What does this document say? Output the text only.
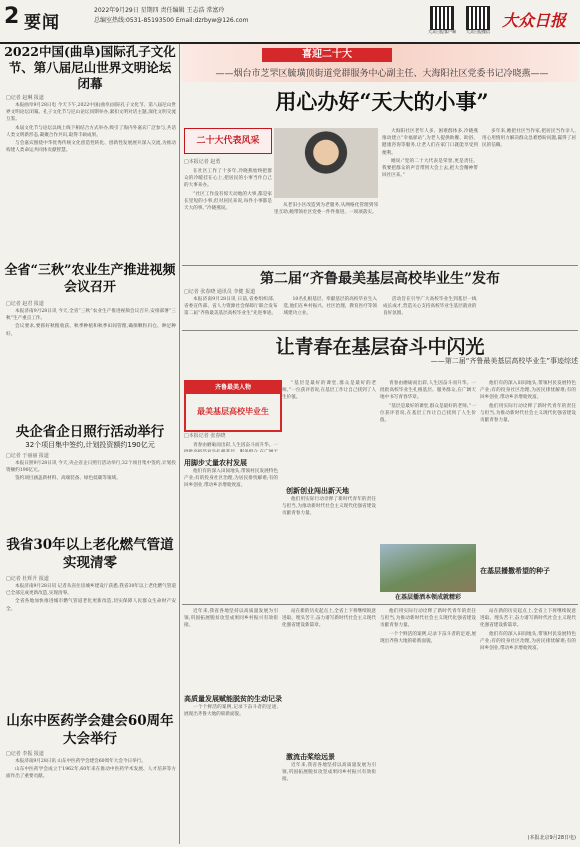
2 要闻
2022年9月29日 星期四 责任编辑 王志浩 常富玲
总编室热线:0531-85193500 Email:dzrbyw@126.com
大众日报客户端	大众日报微信
大众日报
2022中国(曲阜)国际孔子文化节、第八届尼山世界文明论坛闭幕
□记者 赵琳 报道

本报曲阜9月28日电 今天下午,2022中国(曲阜)国际孔子文化节、第八届尼山世界文明论坛闭幕。孔子文化节与尼山论坛同期举办,紧扣文明对话主题,深化文明交流互鉴。

本届文化节与论坛以线上线下相结合方式举办,吸引了海内外嘉宾广泛参与,共话人类文明新形态,凝聚合作共识,取得丰硕成果。

与会嘉宾围绕中华优秀传统文化创造性转化、创新性发展展开深入交流,为推动构建人类命运共同体贡献智慧。

全省“三秋”农业生产推进视频会议召开
□记者 赵君 报道

本报济南9月28日讯 今天,全省“三秋”农业生产推进视频会议召开,安排部署“三秋”生产重点工作。

会议要求,要抓好秋粮收获、秋季种植和秋季田间管理,确保颗粒归仓、种足种好。

央企省企日照行活动举行
32个项目集中签约,计划投资额约190亿元
□记者 于丽丽 报道

本报日照9月28日讯 今天,央企省企日照行活动举行,32个项目集中签约,计划投资额约190亿元。

签约项目涵盖新材料、高端装备、绿色低碳等领域。

我省30年以上老化燃气管道实现清零
□记者 杜辉升 报道

本报济南9月28日讯 记者从省住房城乡建设厅获悉,我省30年以上老化燃气管道已全部完成更新改造,实现清零。

全省各地加快推进城市燃气管道老化更新改造,切实保障人民群众生命财产安全。

山东中医药学会建会60周年大会举行
□记者 李振 报道

本报济南9月28日讯 山东中医药学会建会60周年大会今日举行。

山东中医药学会成立于1962年,60年来在推动中医药学术发展、人才培养等方面作出了重要贡献。

喜迎二十大
——烟台市芝罘区毓璜顶街道党群服务中心副主任、大海阳社区党委书记冷晓燕——
用心办好“天大的小事”
二十大代表风采
□本报记者 赵勇

在社区工作了十多年,冷晓燕始终把群众的冷暖挂在心上,把居民的小事当作自己的大事来办。

“社区工作没有惊天动地的大事,都是家长里短的小事,但对居民来说,每件小事都是天大的事。”冷晓燕说。

从老旧小区改造到为老服务,从网格化管理到邻里互助,她带领社区党委一件件推进、一项项落实。

大海阳社区老年人多、困难群体多,冷晓燕推动建立“幸福驿站”,为老人提供助餐、助浴、健康咨询等服务,让老人们在家门口就能享受到便利。

她说:“党的二十大代表是荣誉,更是责任。我要把群众的声音带到大会上去,把大会精神带回社区来。”

多年来,她把社区当作家,把居民当作亲人,用心用情用力解决群众急难愁盼问题,赢得了居民的信赖。

第二届“齐鲁最美基层高校毕业生”发布
□记者 张春晓 通讯员 李健 报道

本报济南9月28日讯 日前,省委组织部、省委宣传部、省人力资源社会保障厅联合发布第二届“齐鲁最美基层高校毕业生”先进事迹。

10名扎根基层、奉献基层的高校毕业生入选,他们在乡村振兴、社区治理、教育医疗等领域建功立业。

活动旨在引导广大高校毕业生到基层一线成长成才,营造关心支持高校毕业生基层就业的良好氛围。

让青春在基层奋斗中闪光
——第二届“齐鲁最美基层高校毕业生”事迹综述
齐鲁最美人物
最美基层高校毕业生
□本报记者 张春晓

青春由磨砺而出彩,人生因奋斗而升华。一

用脚步丈量农村发展

他们有的深入田间地头,带领村民发展特色产业;有的投身社区治理,为居民排忧解难;有的回乡创业,带动乡亲增收致富。

“基层是最好的课堂,群众是最好的老师。”一位获评者说,在基层工作让自己找到了人生价值。

创新创业闯出新天地

他们用实际行动诠释了新时代青年的责任与担当,为推动新时代社会主义现代化强省建设贡献青春力量。

青春由磨砺而出彩,人生因奋斗而升华。一批批高校毕业生扎根基层、服务群众,在广阔天地中书写青春华章。

“基层是最好的课堂,群众是最好的老师。”一位获评者说,在基层工作让自己找到了人生价值。

在基层播洒本领成就精彩

他们有的深入田间地头,带领村民发展特色产业;有的投身社区治理,为居民排忧解难;有的回乡创业,带动乡亲增收致富。

他们用实际行动诠释了新时代青年的责任与担当,为推动新时代社会主义现代化强省建设贡献青春力量。

在基层播撒希望的种子

近年来,我省各地坚持以高质量发展为引领,巩固拓展脱贫攻坚成果同乡村振兴有效衔接。

高质量发展赋能脱贫的生动记录

一个个鲜活的案例,记录下奋斗者的足迹,展现出齐鲁大地的崭新面貌。

站在新的历史起点上,全省上下将继续锐意进取、埋头苦干,奋力谱写新时代社会主义现代化强省建设新篇章。

激流击桨绘远景

近年来,我省各地坚持以高质量发展为引领,巩固拓展脱贫攻坚成果同乡村振兴有效衔接。

他们用实际行动诠释了新时代青年的责任与担当,为推动新时代社会主义现代化强省建设贡献青春力量。

一个个鲜活的案例,记录下奋斗者的足迹,展现出齐鲁大地的崭新面貌。

站在新的历史起点上,全省上下将继续锐意进取、埋头苦干,奋力谱写新时代社会主义现代化强省建设新篇章。

他们有的深入田间地头,带领村民发展特色产业;有的投身社区治理,为居民排忧解难;有的回乡创业,带动乡亲增收致富。

(本报北京9月28日电)
